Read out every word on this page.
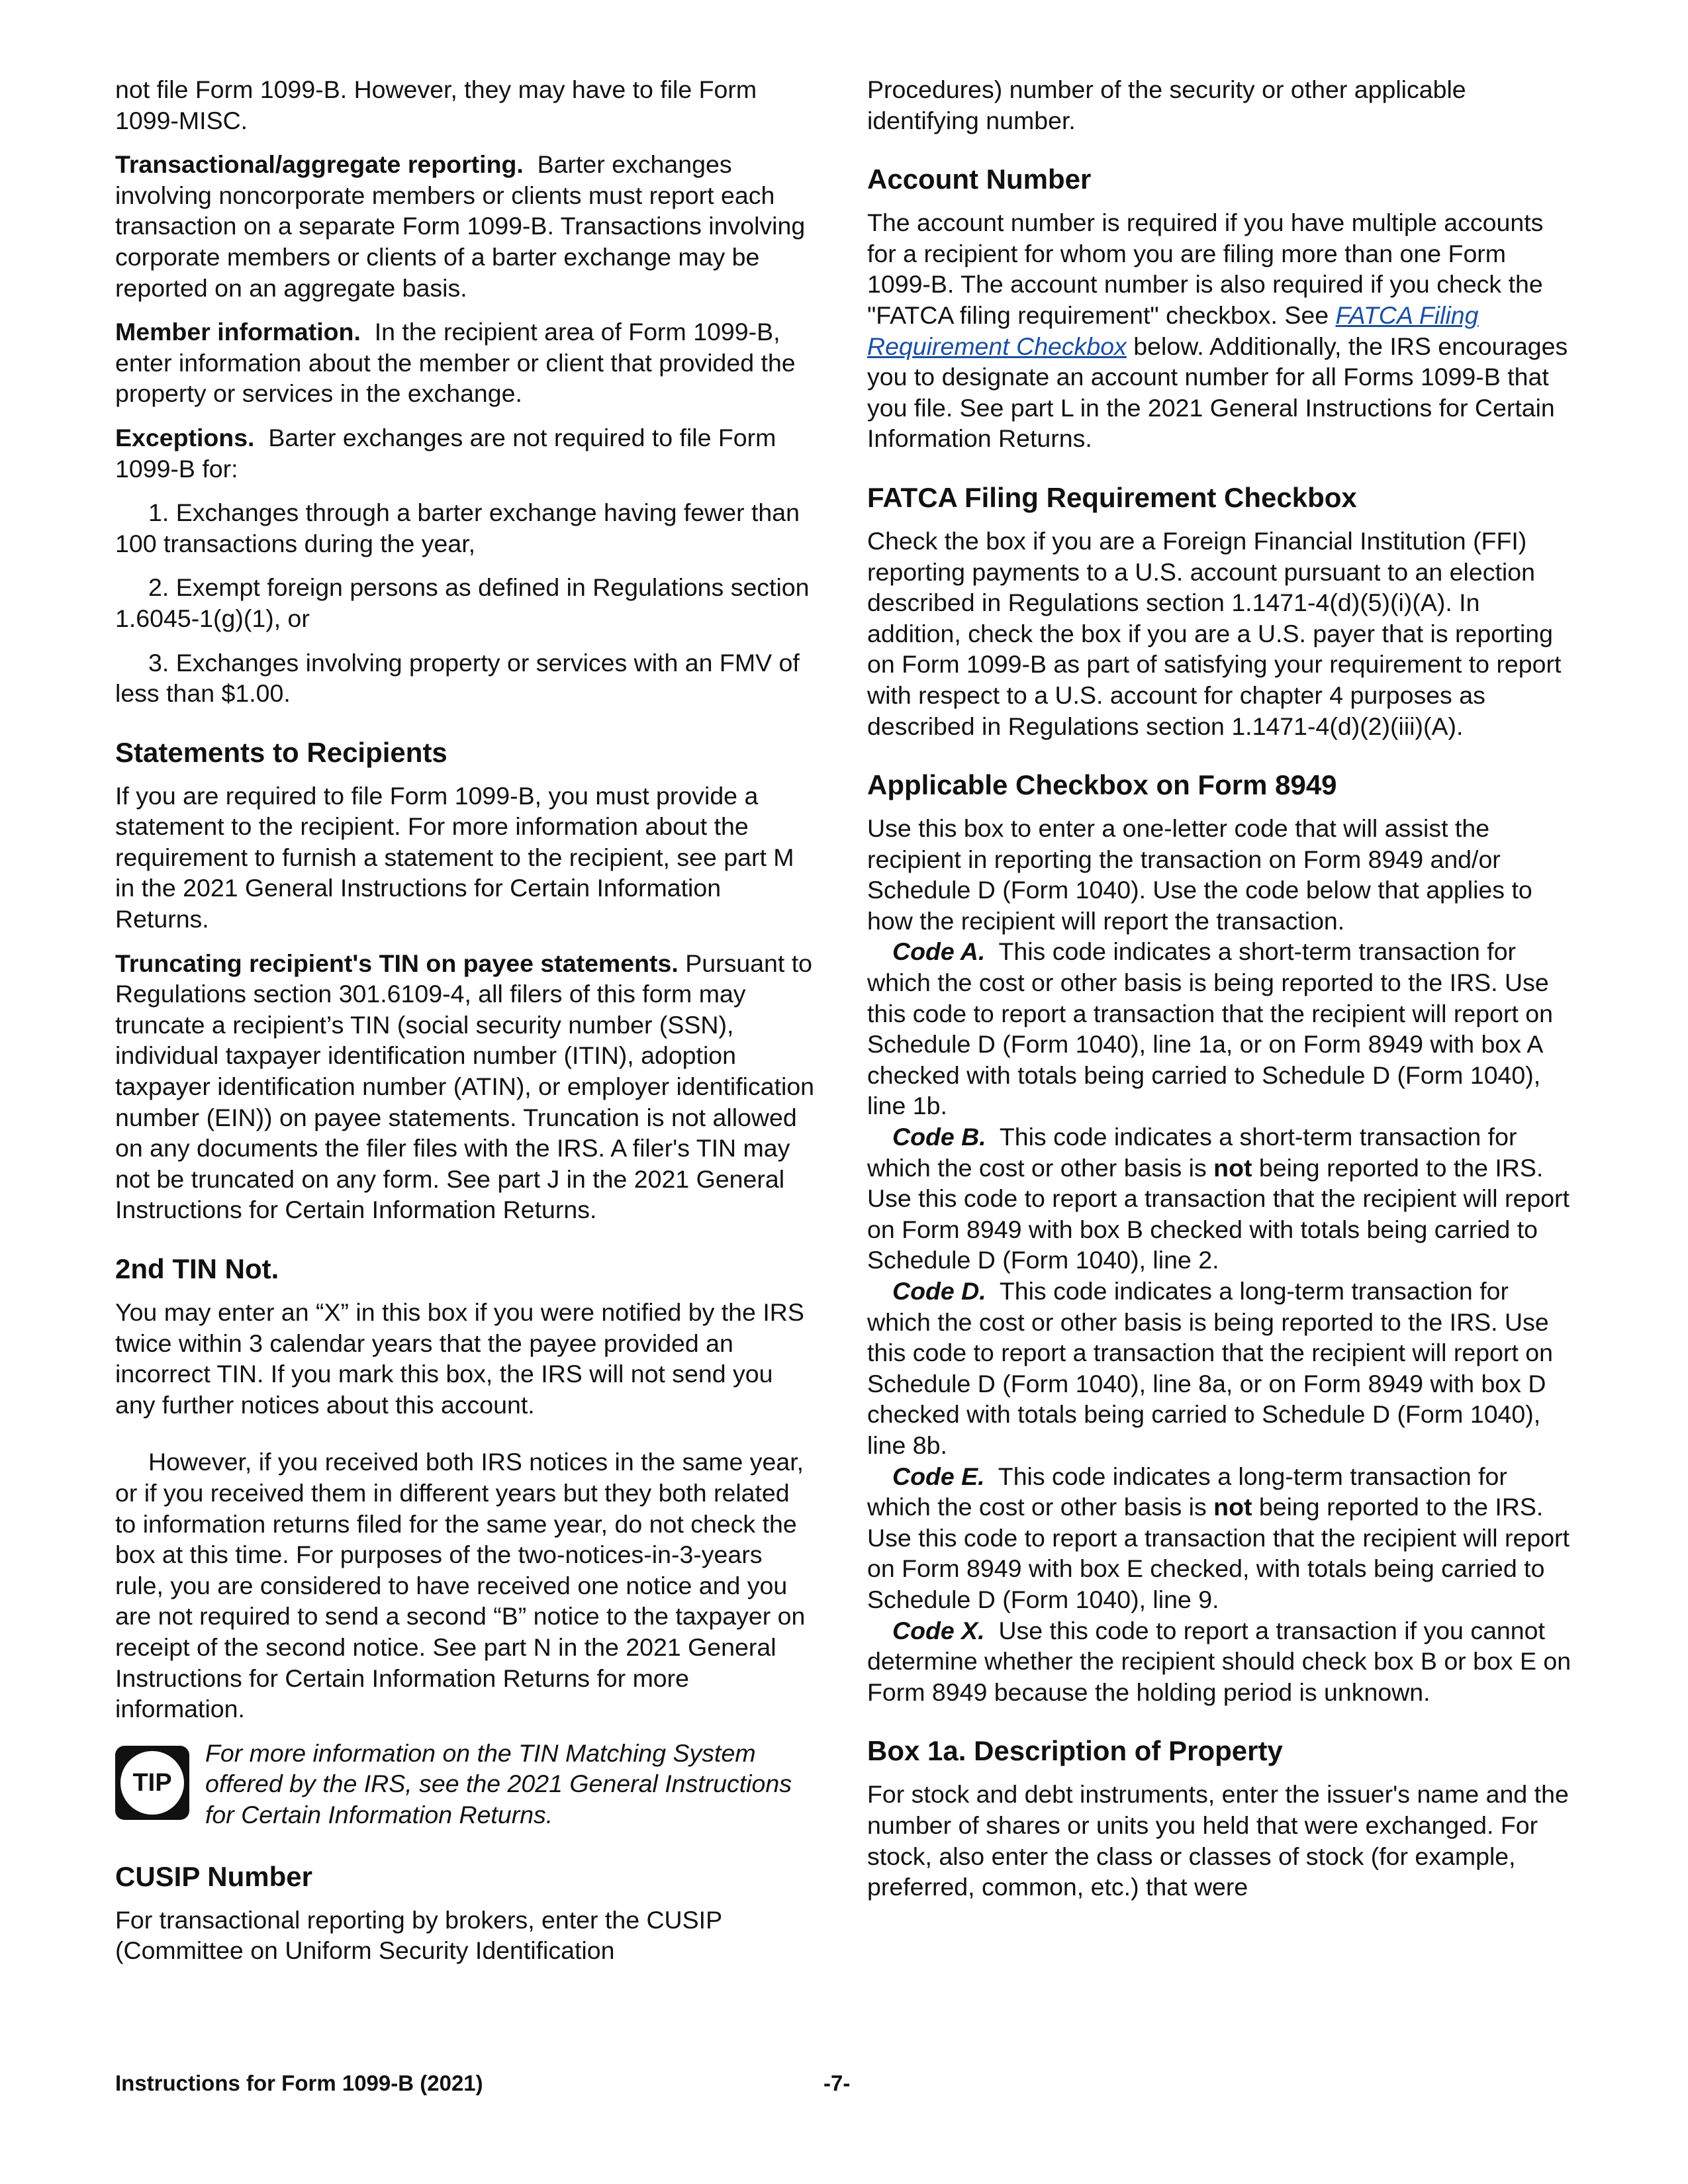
not file Form 1099-B. However, they may have to file Form 1099-MISC.

Transactional/aggregate reporting. Barter exchanges involving noncorporate members or clients must report each transaction on a separate Form 1099-B. Transactions involving corporate members or clients of a barter exchange may be reported on an aggregate basis.

Member information. In the recipient area of Form 1099-B, enter information about the member or client that provided the property or services in the exchange.

Exceptions. Barter exchanges are not required to file Form 1099-B for:

1. Exchanges through a barter exchange having fewer than 100 transactions during the year,

2. Exempt foreign persons as defined in Regulations section 1.6045-1(g)(1), or

3. Exchanges involving property or services with an FMV of less than $1.00.

Statements to Recipients

If you are required to file Form 1099-B, you must provide a statement to the recipient. For more information about the requirement to furnish a statement to the recipient, see part M in the 2021 General Instructions for Certain Information Returns.

Truncating recipient's TIN on payee statements. Pursuant to Regulations section 301.6109-4, all filers of this form may truncate a recipient’s TIN (social security number (SSN), individual taxpayer identification number (ITIN), adoption taxpayer identification number (ATIN), or employer identification number (EIN)) on payee statements. Truncation is not allowed on any documents the filer files with the IRS. A filer's TIN may not be truncated on any form. See part J in the 2021 General Instructions for Certain Information Returns.

2nd TIN Not.

You may enter an “X” in this box if you were notified by the IRS twice within 3 calendar years that the payee provided an incorrect TIN. If you mark this box, the IRS will not send you any further notices about this account.

However, if you received both IRS notices in the same year, or if you received them in different years but they both related to information returns filed for the same year, do not check the box at this time. For purposes of the two-notices-in-3-years rule, you are considered to have received one notice and you are not required to send a second “B” notice to the taxpayer on receipt of the second notice. See part N in the 2021 General Instructions for Certain Information Returns for more information.

TIP
For more information on the TIN Matching System offered by the IRS, see the 2021 General Instructions for Certain Information Returns.
CUSIP Number

For transactional reporting by brokers, enter the CUSIP (Committee on Uniform Security Identification

Procedures) number of the security or other applicable identifying number.

Account Number

The account number is required if you have multiple accounts for a recipient for whom you are filing more than one Form 1099-B. The account number is also required if you check the "FATCA filing requirement" checkbox. See FATCA Filing Requirement Checkbox below. Additionally, the IRS encourages you to designate an account number for all Forms 1099-B that you file. See part L in the 2021 General Instructions for Certain Information Returns.

FATCA Filing Requirement Checkbox

Check the box if you are a Foreign Financial Institution (FFI) reporting payments to a U.S. account pursuant to an election described in Regulations section 1.1471-4(d)(5)(i)(A). In addition, check the box if you are a U.S. payer that is reporting on Form 1099-B as part of satisfying your requirement to report with respect to a U.S. account for chapter 4 purposes as described in Regulations section 1.1471-4(d)(2)(iii)(A).

Applicable Checkbox on Form 8949

Use this box to enter a one-letter code that will assist the recipient in reporting the transaction on Form 8949 and/or Schedule D (Form 1040). Use the code below that applies to how the recipient will report the transaction.

Code A. This code indicates a short-term transaction for which the cost or other basis is being reported to the IRS. Use this code to report a transaction that the recipient will report on Schedule D (Form 1040), line 1a, or on Form 8949 with box A checked with totals being carried to Schedule D (Form 1040), line 1b.

Code B. This code indicates a short-term transaction for which the cost or other basis is not being reported to the IRS. Use this code to report a transaction that the recipient will report on Form 8949 with box B checked with totals being carried to Schedule D (Form 1040), line 2.

Code D. This code indicates a long-term transaction for which the cost or other basis is being reported to the IRS. Use this code to report a transaction that the recipient will report on Schedule D (Form 1040), line 8a, or on Form 8949 with box D checked with totals being carried to Schedule D (Form 1040), line 8b.

Code E. This code indicates a long-term transaction for which the cost or other basis is not being reported to the IRS. Use this code to report a transaction that the recipient will report on Form 8949 with box E checked, with totals being carried to Schedule D (Form 1040), line 9.

Code X. Use this code to report a transaction if you cannot determine whether the recipient should check box B or box E on Form 8949 because the holding period is unknown.

Box 1a. Description of Property

For stock and debt instruments, enter the issuer's name and the number of shares or units you held that were exchanged. For stock, also enter the class or classes of stock (for example, preferred, common, etc.) that were

Instructions for Form 1099-B (2021)	-7-
